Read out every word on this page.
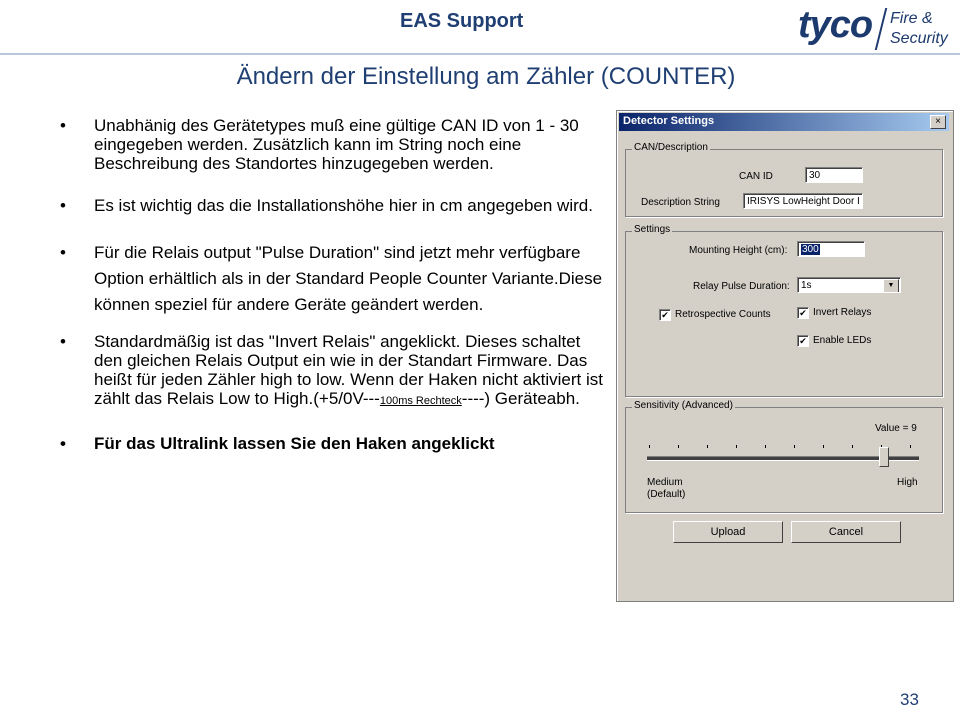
EAS Support	tyco Fire &
Security
Ändern der Einstellung am Zähler (COUNTER)
• Unabhänig des Gerätetypes muß eine gültige CAN ID von 1 - 30 eingegeben werden. Zusätzlich kann im String noch eine Beschreibung des Standortes hinzugegeben werden.
• Es ist wichtig das die Installationshöhe hier in cm angegeben wird.
• Für die Relais output "Pulse Duration" sind jetzt mehr verfügbare Option erhältlich als in der Standard People Counter Variante.Diese können speziel für andere Geräte geändert werden.
• Standardmäßig ist das "Invert Relais" angeklickt. Dieses schaltet den gleichen Relais Output ein wie in der Standart Firmware. Das heißt für jeden Zähler high to low. Wenn der Haken nicht aktiviert ist zählt das Relais Low to High.(+5/0V---100ms Rechteck----) Geräteabh.
• Für das Ultralink lassen Sie den Haken angeklickt
33
Detector Settings	×
CAN/Description
CAN ID	30
Description String	IRISYS LowHeight Door I
Settings
Mounting Height (cm):	300
Relay Pulse Duration:	1s	▼
✔ Retrospective Counts	✔ Invert Relays
✔ Enable LEDs
Sensitivity (Advanced)
Value = 9
Medium
(Default)
High
Upload	Cancel
